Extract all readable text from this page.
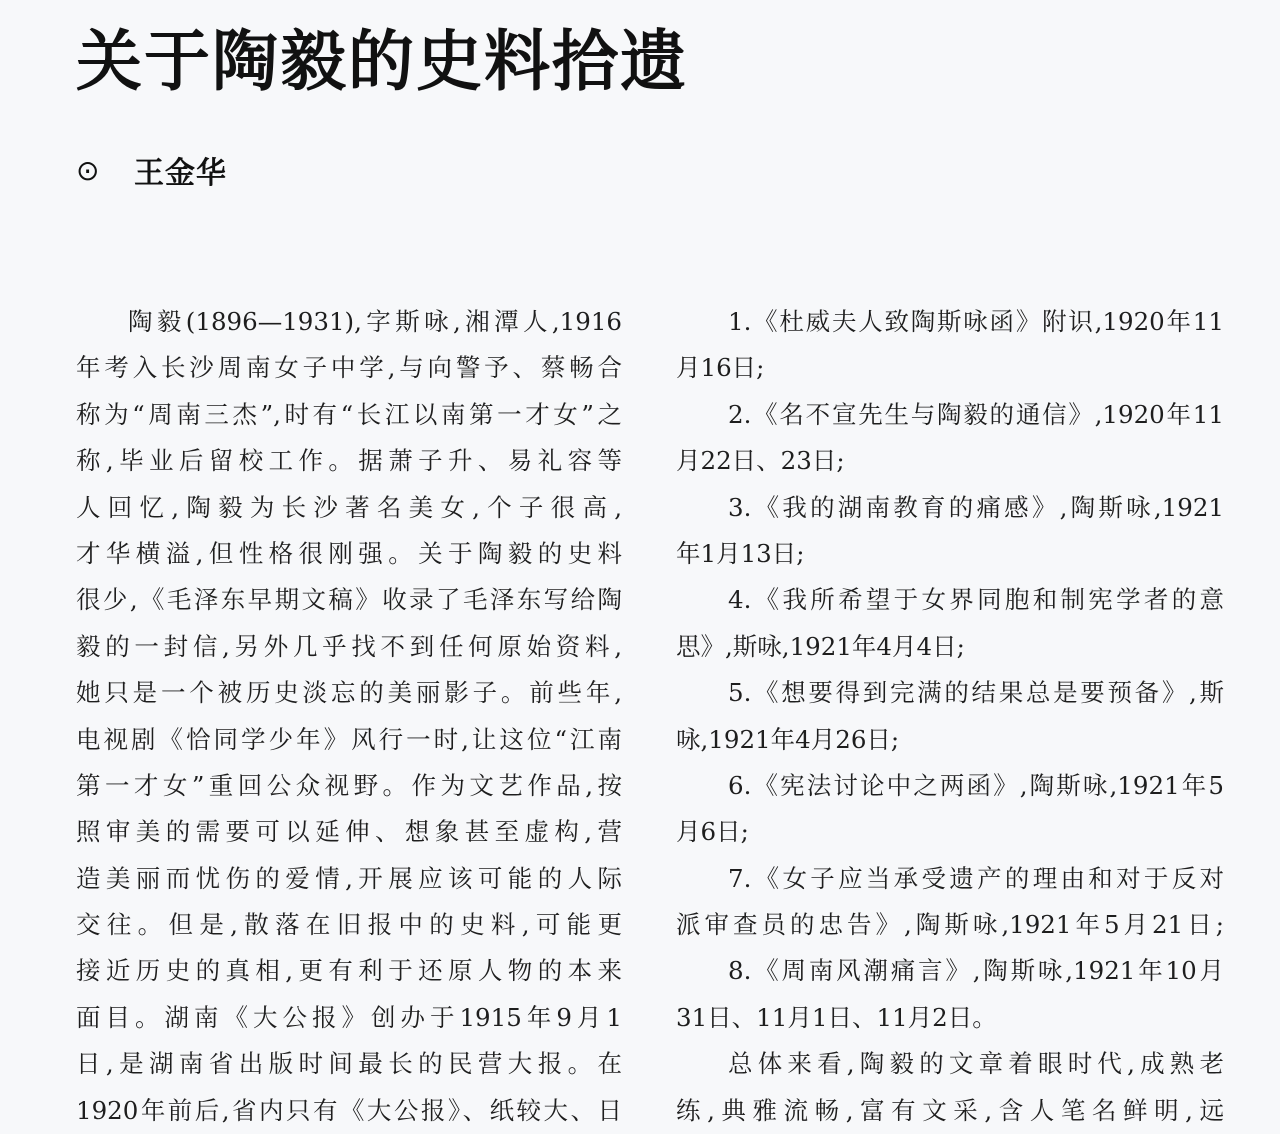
关于陶毅的史料拾遗
⊙	王金华
陶毅(1896—1931),字斯咏,湘潭人,1916
年考入长沙周南女子中学,与向警予、蔡畅合
称为“周南三杰”,时有“长江以南第一才女”之
称,毕业后留校工作。据萧子升、易礼容等
人回忆,陶毅为长沙著名美女,个子很高,
才华横溢,但性格很刚强。关于陶毅的史料
很少,《毛泽东早期文稿》收录了毛泽东写给陶
毅的一封信,另外几乎找不到任何原始资料,
她只是一个被历史淡忘的美丽影子。前些年,
电视剧《恰同学少年》风行一时,让这位“江南
第一才女”重回公众视野。作为文艺作品,按
照审美的需要可以延伸、想象甚至虚构,营
造美丽而忧伤的爱情,开展应该可能的人际
交往。但是,散落在旧报中的史料,可能更
接近历史的真相,更有利于还原人物的本来
面目。湖南《大公报》创办于1915年9月1
日,是湖南省出版时间最长的民营大报。在
1920年前后,省内只有《大公报》、纸较大、日
1.《杜威夫人致陶斯咏函》附识,1920年11
月16日;
2.《名不宣先生与陶毅的通信》,1920年11
月22日、23日;
3.《我的湖南教育的痛感》,陶斯咏,1921
年1月13日;
4.《我所希望于女界同胞和制宪学者的意
思》,斯咏,1921年4月4日;
5.《想要得到完满的结果总是要预备》,斯
咏,1921年4月26日;
6.《宪法讨论中之两函》,陶斯咏,1921年5
月6日;
7.《女子应当承受遗产的理由和对于反对
派审查员的忠告》,陶斯咏,1921年5月21日;
8.《周南风潮痛言》,陶斯咏,1921年10月
31日、11月1日、11月2日。
总体来看,陶毅的文章着眼时代,成熟老
练,典雅流畅,富有文采,含人笔名鲜明,远
